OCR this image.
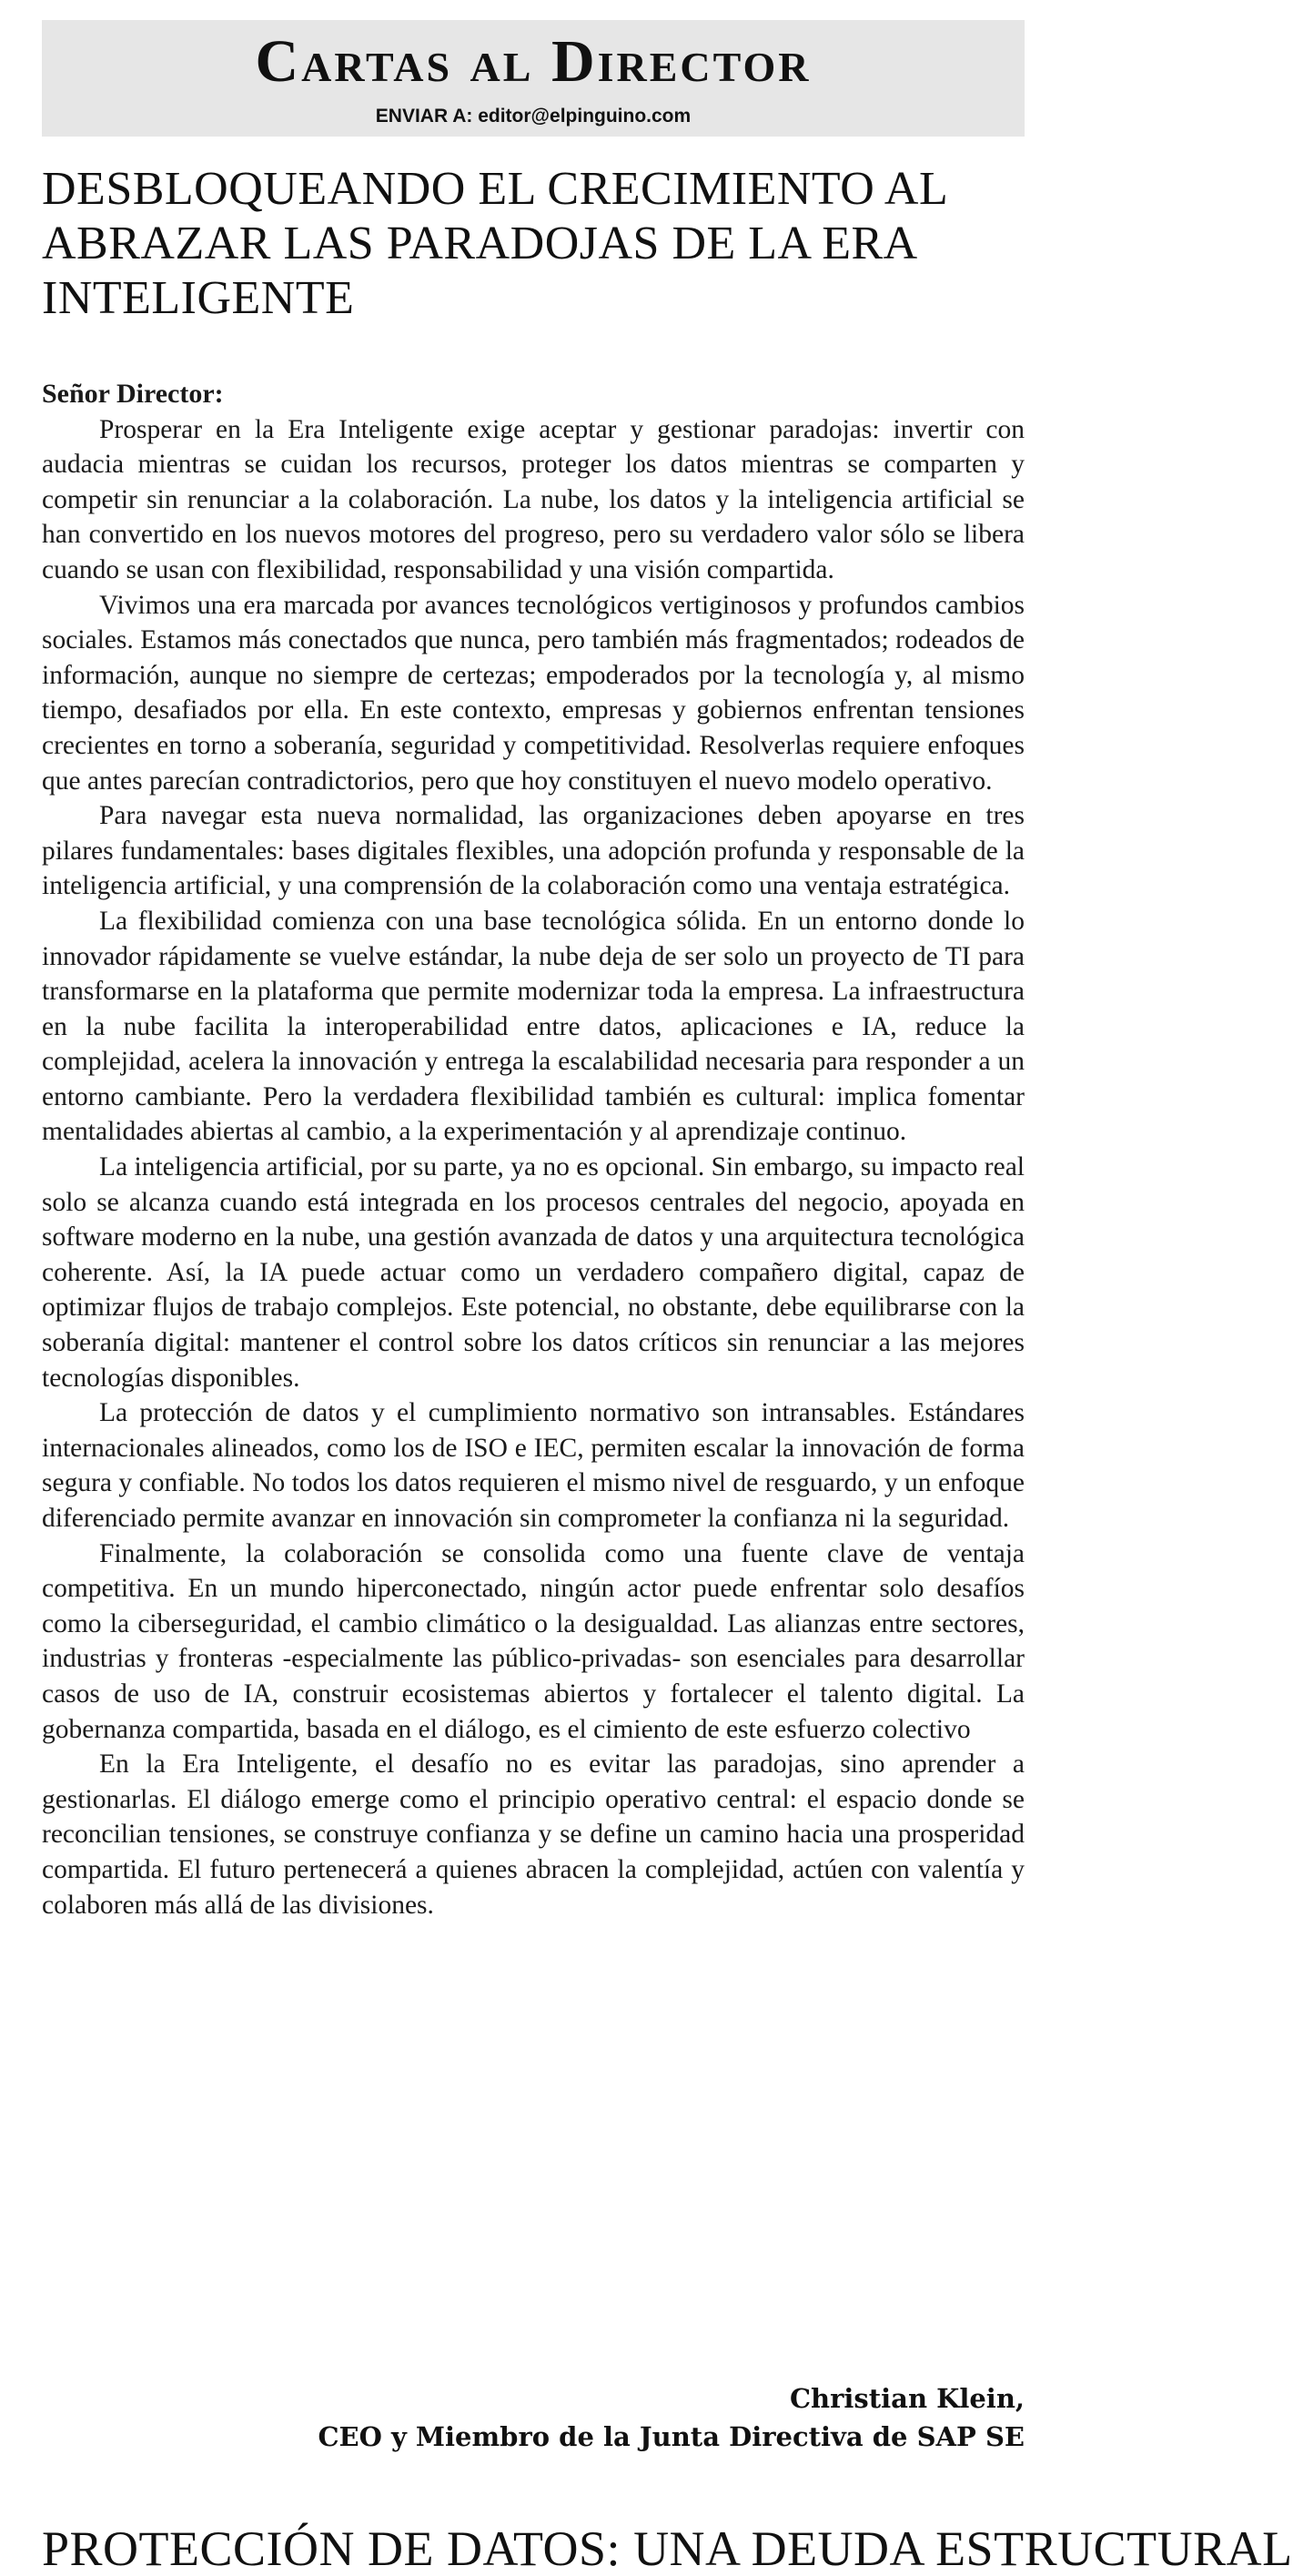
Cartas al Director
ENVIAR A: editor@elpinguino.com
DESBLOQUEANDO EL CRECIMIENTO AL ABRAZAR LAS PARADOJAS DE LA ERA INTELIGENTE

Señor Director:

Prosperar en la Era Inteligente exige aceptar y gestionar paradojas: invertir con audacia mientras se cuidan los recursos, proteger los datos mientras se comparten y competir sin renunciar a la colaboración. La nube, los datos y la inteligencia artificial se han convertido en los nuevos motores del progreso, pero su verdadero valor sólo se libera cuando se usan con flexibilidad, responsabilidad y una visión compartida.

Vivimos una era marcada por avances tecnológicos vertiginosos y profundos cambios sociales. Estamos más conectados que nunca, pero también más fragmentados; rodeados de información, aunque no siempre de certezas; empoderados por la tecnología y, al mismo tiempo, desafiados por ella. En este contexto, empresas y gobiernos enfrentan tensiones crecientes en torno a soberanía, seguridad y competitividad. Resolverlas requiere enfoques que antes parecían contradictorios, pero que hoy constituyen el nuevo modelo operativo.

Para navegar esta nueva normalidad, las organizaciones deben apoyarse en tres pilares fundamentales: bases digitales flexibles, una adopción profunda y responsable de la inteligencia artificial, y una comprensión de la colaboración como una ventaja estratégica.

La flexibilidad comienza con una base tecnológica sólida. En un entorno donde lo innovador rápidamente se vuelve estándar, la nube deja de ser solo un proyecto de TI para transformarse en la plataforma que permite modernizar toda la empresa. La infraestructura en la nube facilita la interoperabilidad entre datos, aplicaciones e IA, reduce la complejidad, acelera la innovación y entrega la escalabilidad necesaria para responder a un entorno cambiante. Pero la verdadera flexibilidad también es cultural: implica fomentar mentalidades abiertas al cambio, a la experimentación y al aprendizaje continuo.

La inteligencia artificial, por su parte, ya no es opcional. Sin embargo, su impacto real solo se alcanza cuando está integrada en los procesos centrales del negocio, apoyada en software moderno en la nube, una gestión avanzada de datos y una arquitectura tecnológica coherente. Así, la IA puede actuar como un verdadero compañero digital, capaz de optimizar flujos de trabajo complejos. Este potencial, no obstante, debe equilibrarse con la soberanía digital: mantener el control sobre los datos críticos sin renunciar a las mejores tecnologías disponibles.

La protección de datos y el cumplimiento normativo son intransables. Estándares internacionales alineados, como los de ISO e IEC, permiten escalar la innovación de forma segura y confiable. No todos los datos requieren el mismo nivel de resguardo, y un enfoque diferenciado permite avanzar en innovación sin comprometer la confianza ni la seguridad.

Finalmente, la colaboración se consolida como una fuente clave de ventaja competitiva. En un mundo hiperconectado, ningún actor puede enfrentar solo desafíos como la ciberseguridad, el cambio climático o la desigualdad. Las alianzas entre sectores, industrias y fronteras -especialmente las público-privadas- son esenciales para desarrollar casos de uso de IA, construir ecosistemas abiertos y fortalecer el talento digital. La gobernanza compartida, basada en el diálogo, es el cimiento de este esfuerzo colectivo

En la Era Inteligente, el desafío no es evitar las paradojas, sino aprender a gestionarlas. El diálogo emerge como el principio operativo central: el espacio donde se reconcilian tensiones, se construye confianza y se define un camino hacia una prosperidad compartida. El futuro pertenecerá a quienes abracen la complejidad, actúen con valentía y colaboren más allá de las divisiones.

Christian Klein,
CEO y Miembro de la Junta Directiva de SAP SE
PROTECCIÓN DE DATOS: UNA DEUDA ESTRUCTURAL
